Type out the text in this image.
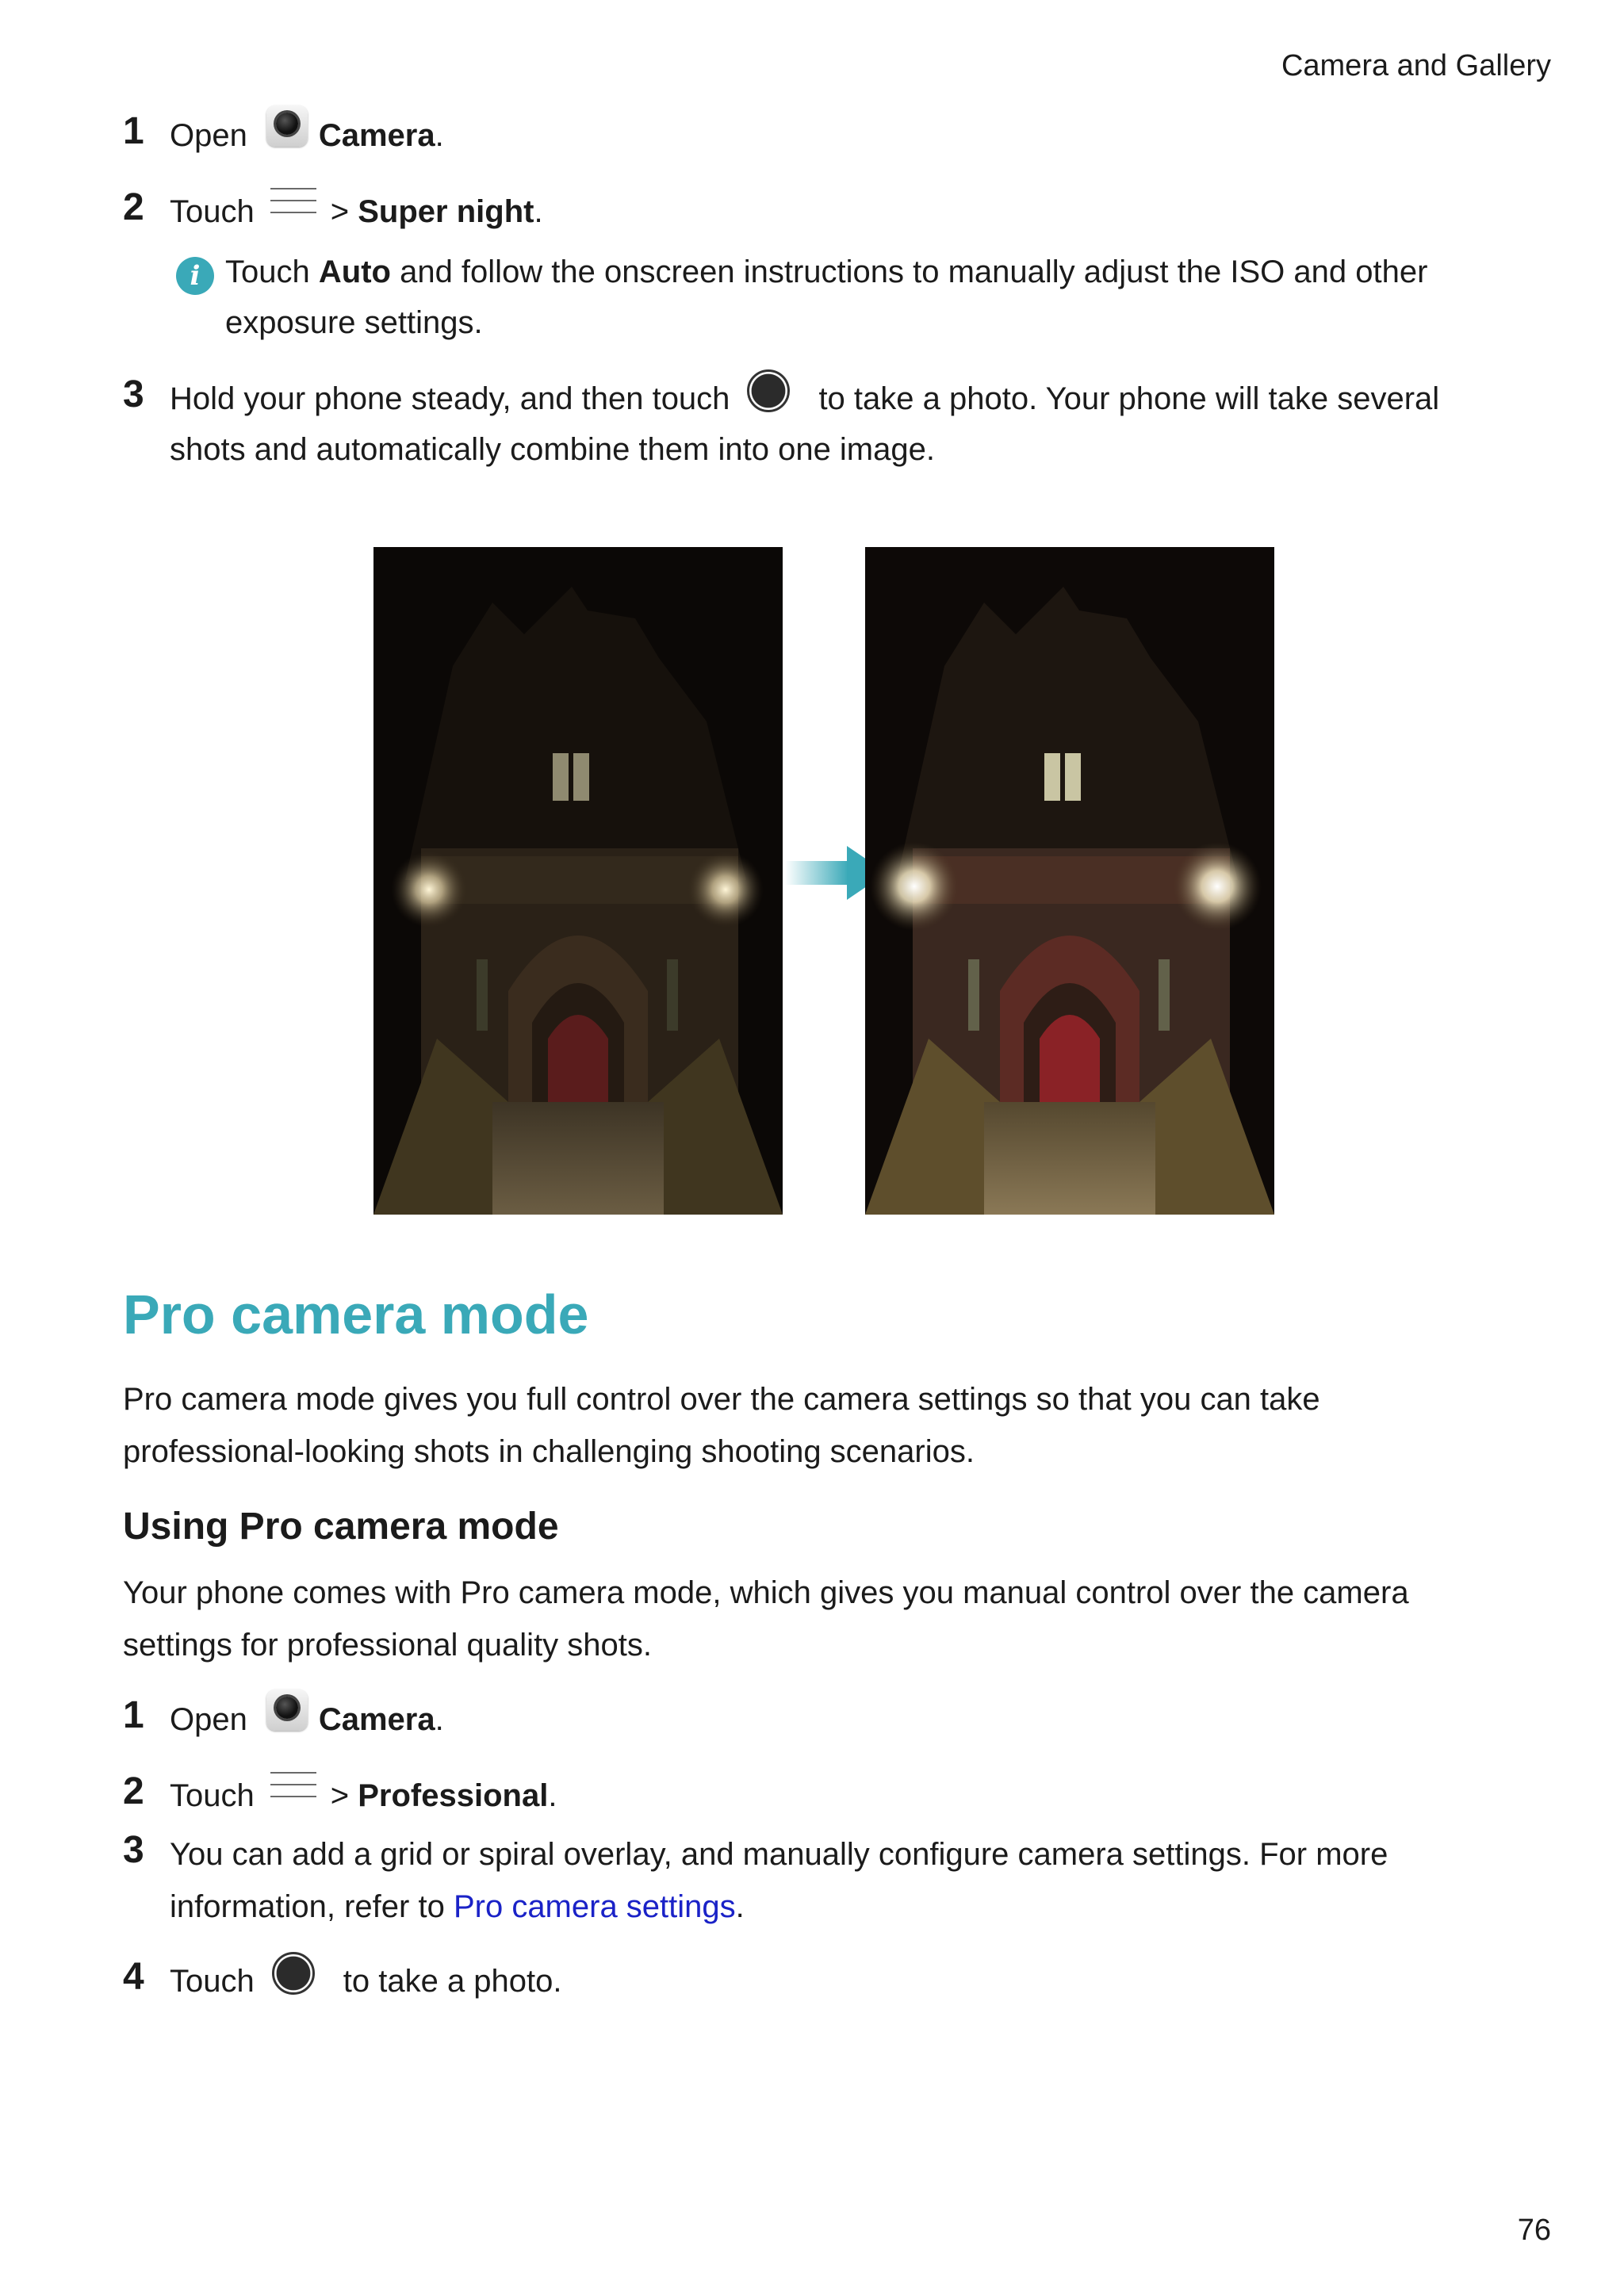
Camera and Gallery
1 Open Camera.
2 Touch > Super night.
i Touch Auto and follow the onscreen instructions to manually adjust the ISO and other
exposure settings.
3 Hold your phone steady, and then touch	to take a photo. Your phone will take several
shots and automatically combine them into one image.
Pro camera mode
Pro camera mode gives you full control over the camera settings so that you can take
professional-looking shots in challenging shooting scenarios.
Using Pro camera mode
Your phone comes with Pro camera mode, which gives you manual control over the camera
settings for professional quality shots.
1 Open Camera.
2 Touch > Professional.
3 You can add a grid or spiral overlay, and manually configure camera settings. For more
information, refer to Pro camera settings.
4 Touch	to take a photo.
76
